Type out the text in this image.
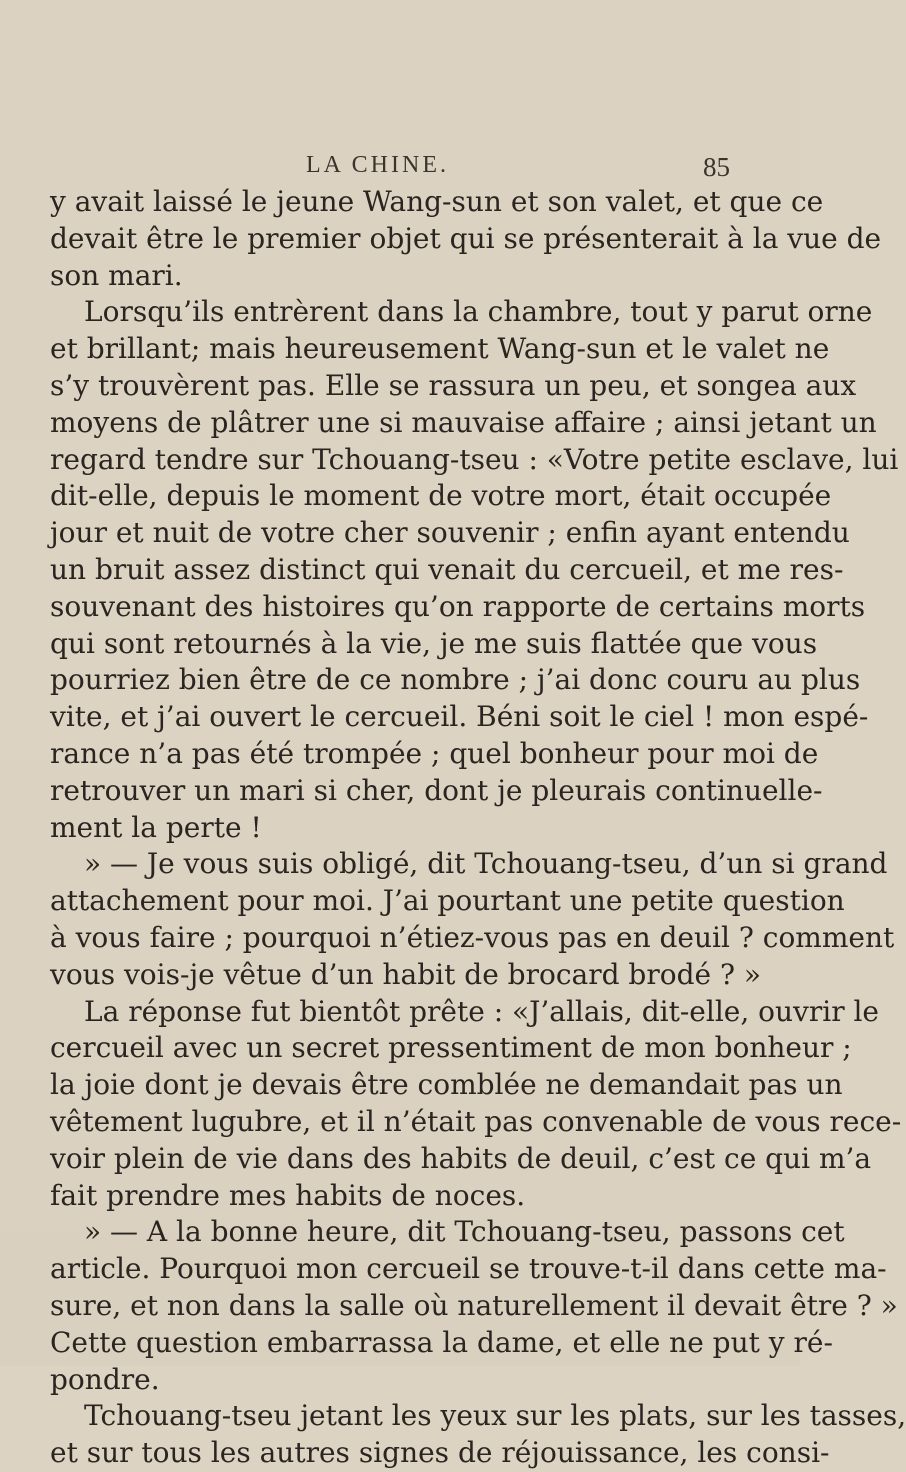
LA CHINE.	85
y avait laissé le jeune Wang-sun et son valet, et que ce
devait être le premier objet qui se présenterait à la vue de
son mari.
Lorsqu’ils entrèrent dans la chambre, tout y parut orne
et brillant; mais heureusement Wang-sun et le valet ne
s’y trouvèrent pas. Elle se rassura un peu, et songea aux
moyens de plâtrer une si mauvaise affaire ; ainsi jetant un
regard tendre sur Tchouang-tseu : «Votre petite esclave, lui
dit-elle, depuis le moment de votre mort, était occupée
jour et nuit de votre cher souvenir ; enfin ayant entendu
un bruit assez distinct qui venait du cercueil, et me res-
souvenant des histoires qu’on rapporte de certains morts
qui sont retournés à la vie, je me suis flattée que vous
pourriez bien être de ce nombre ; j’ai donc couru au plus
vite, et j’ai ouvert le cercueil. Béni soit le ciel ! mon espé-
rance n’a pas été trompée ; quel bonheur pour moi de
retrouver un mari si cher, dont je pleurais continuelle-
ment la perte !
» — Je vous suis obligé, dit Tchouang-tseu, d’un si grand
attachement pour moi. J’ai pourtant une petite question
à vous faire ; pourquoi n’étiez-vous pas en deuil ? comment
vous vois-je vêtue d’un habit de brocard brodé ? »
La réponse fut bientôt prête : «J’allais, dit-elle, ouvrir le
cercueil avec un secret pressentiment de mon bonheur ;
la joie dont je devais être comblée ne demandait pas un
vêtement lugubre, et il n’était pas convenable de vous rece-
voir plein de vie dans des habits de deuil, c’est ce qui m’a
fait prendre mes habits de noces.
» — A la bonne heure, dit Tchouang-tseu, passons cet
article. Pourquoi mon cercueil se trouve-t-il dans cette ma-
sure, et non dans la salle où naturellement il devait être ? »
Cette question embarrassa la dame, et elle ne put y ré-
pondre.
Tchouang-tseu jetant les yeux sur les plats, sur les tasses,
et sur tous les autres signes de réjouissance, les consi-
